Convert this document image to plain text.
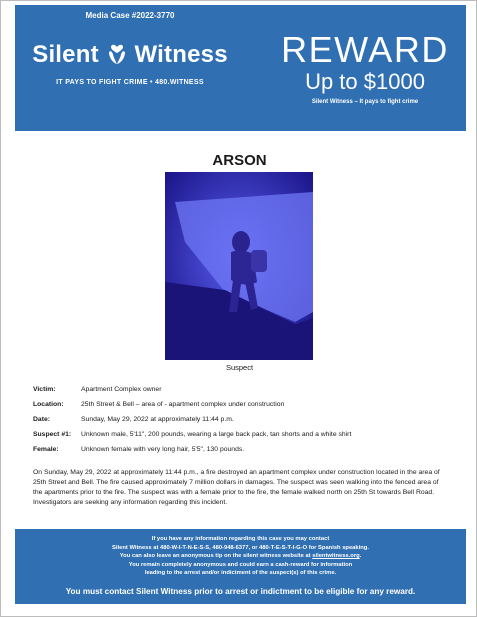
Media Case #2022-3770
Silent Witness
IT PAYS TO FIGHT CRIME • 480.WITNESS
REWARD
Up to $1000
Silent Witness – It pays to fight crime
ARSON
Suspect
Victim:	Apartment Complex owner
Location:	25th Street & Bell – area of - apartment complex under construction
Date:	Sunday, May 29, 2022 at approximately 11:44 p.m.
Suspect #1: Unknown male, 5'11", 200 pounds, wearing a large back pack, tan shorts and a white shirt
Female:	Unknown female with very long hair, 5'5", 130 pounds.
On Sunday, May 29, 2022 at approximately 11:44 p.m., a fire destroyed an apartment complex under construction located in the area of 25th Street and Bell. The fire caused approximately 7 million dollars in damages. The suspect was seen walking into the fenced area of the apartments prior to the fire. The suspect was with a female prior to the fire, the female walked north on 25th St towards Bell Road. Investigators are seeking any information regarding this incident.
If you have any information regarding this case you may contact
Silent Witness at 480-W-I-T-N-E-S-S, 480-948-6377, or 480-T-E-S-T-I-G-O for Spanish speaking.
You can also leave an anonymous tip on the silent witness website at silentwitness.org.
You remain completely anonymous and could earn a cash-reward for information
leading to the arrest and/or indictment of the suspect(s) of this crime.
You must contact Silent Witness prior to arrest or indictment to be eligible for any reward.
